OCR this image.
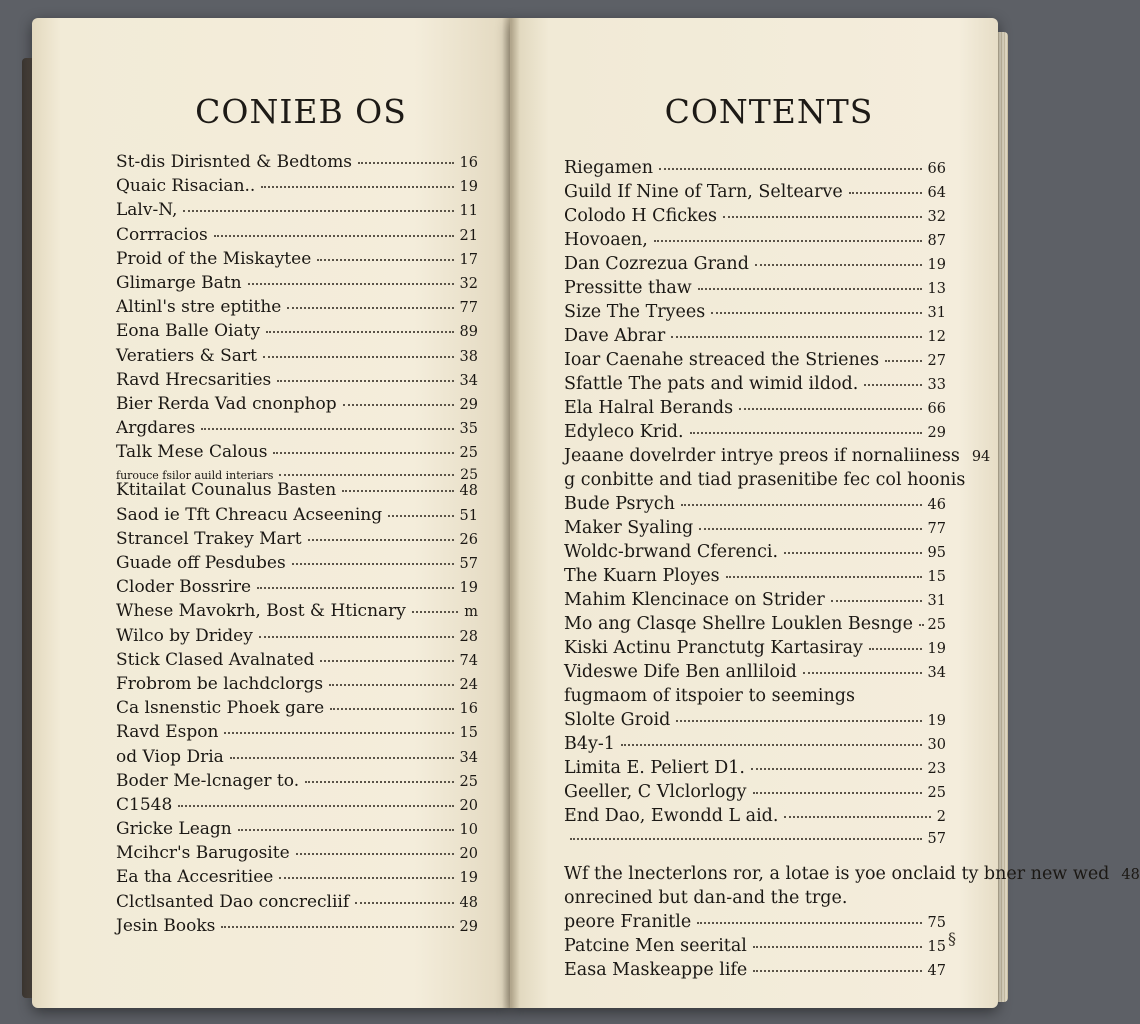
CONIEB OS
St-dis Dirisnted & Bedtoms	16
Quaic Risacian..	19
Lalv-N,	11
Corrracios	21
Proid of the Miskaytee	17
Glimarge Batn	32
Altinl's stre eptithe	77
Eona Balle Oiaty	89
Veratiers & Sart	38
Ravd Hrecsarities	34
Bier Rerda Vad cnonphop	29
Argdares	35
Talk Mese Calous	25
furouce fsilor auild interiars	25
Ktitailat Counalus Basten	48
Saod ie Tft Chreacu Acseening	51
Strancel Trakey Mart	26
Guade off Pesdubes	57
Cloder Bossrire	19
Whese Mavokrh, Bost & Hticnary	m
Wilco by Dridey	28
Stick Clased Avalnated	74
Frobrom be lachdclorgs	24
Ca lsnenstic Phoek gare	16
Ravd Espon	15
od Viop Dria	34
Boder Me-lcnager to.	25
C1548	20
Gricke Leagn	10
Mcihcr's Barugosite	20
Ea tha Accesritiee	19
Clctlsanted Dao concrecliif	48
Jesin Books	29
CONTENTS
Riegamen	66
Guild If Nine of Tarn, Seltearve	64
Colodo H Cfickes	32
Hovoaen,	87
Dan Cozrezua Grand	19
Pressitte thaw	13
Size The Tryees	31
Dave Abrar	12
Ioar Caenahe streaced the Strienes	27
Sfattle The pats and wimid ildod.	33
Ela Halral Berands	66
Edyleco Krid.	29
Jeaane dovelrder intrye preos if nornaliiness 94
g conbitte and tiad prasenitibe fec col hoonis
Bude Psrych	46
Maker Syaling	77
Woldc-brwand Cferenci.	95
The Kuarn Ployes	15
Mahim Klencinace on Strider	31
Mo ang Clasqe Shellre Louklen Besnge 25
Kiski Actinu Pranctutg Kartasiray	19
Videswe Dife Ben anlliloid	34
fugmaom of itspoier to seemings
Slolte Groid	19
B4y-1	30
Limita E. Peliert D1.	23
Geeller, C Vlclorlogy	25
End Dao, Ewondd L aid.	2
57
Wf the lnecterlons ror, a lotae is yoe onclaid ty bner new wed 48
onrecined but dan-and the trge.
peore Franitle	75
Patcine Men seerital	15
Easa Maskeappe life	47
§
